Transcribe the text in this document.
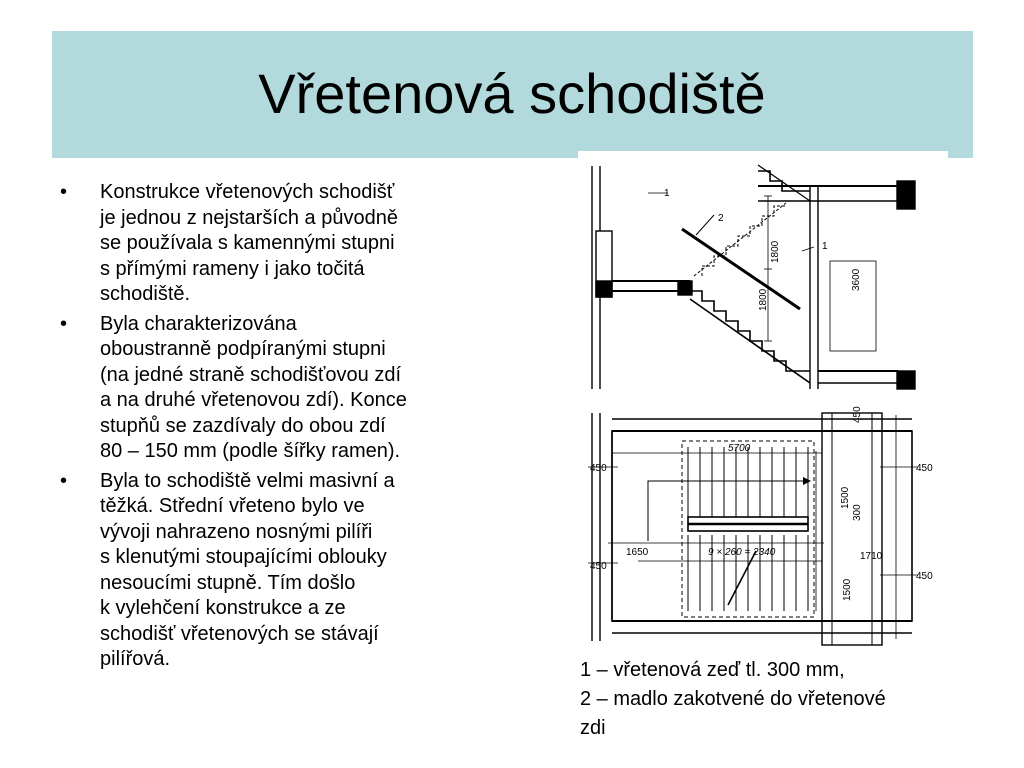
Vřetenová schodiště
• Konstrukce vřetenových schodišť
je jednou z nejstarších a původně
se používala s kamennými stupni
s přímými rameny i jako točitá
schodiště.
• Byla charakterizována
oboustranně podpíranými stupni
(na jedné straně schodišťovou zdí
a na druhé vřetenovou zdí). Konce
stupňů se zazdívaly do obou zdí
80 – 150 mm (podle šířky ramen).
• Byla to schodiště velmi masivní a
těžká. Střední vřeteno bylo ve
vývoji nahrazeno nosnými pilíři
s klenutými stoupajícími oblouky
nesoucími stupně. Tím došlo
k vylehčení konstrukce a ze
schodišť vřetenových se stávají
pilířová.
1
2
1
1800
1800
3600
450
450	450
5700
1500
300
1650	9 × 260 = 2340	1710
450
450
1500
1 – vřetenová zeď tl. 300 mm,
2 – madlo zakotvené do vřetenové
zdi
